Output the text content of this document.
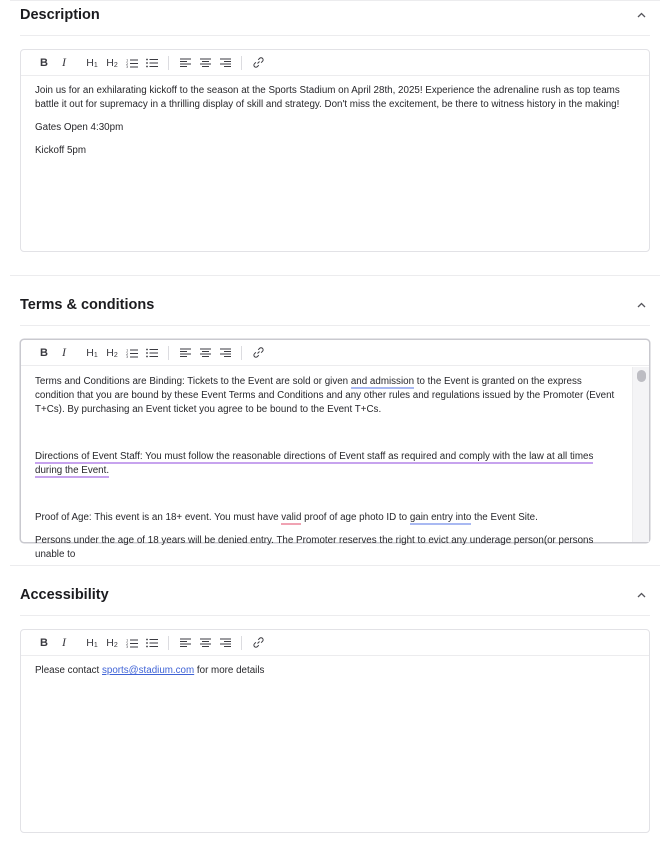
Description
B I $H_1$ $H_2$
1
2
3

Join us for an exhilarating kickoff to the season at the Sports Stadium on April 28th, 2025! Experience the adrenaline rush as top teams battle it out for supremacy in a thrilling display of skill and strategy. Don't miss the excitement, be there to witness history in the making!

Gates Open 4:30pm

Kickoff 5pm

Terms & conditions
B I $H_1$ $H_2$
1
2
3

Terms and Conditions are Binding: Tickets to the Event are sold or given and admission to the Event is granted on the express condition that you are bound by these Event Terms and Conditions and any other rules and regulations issued by the Promoter (Event T+Cs). By purchasing an Event ticket you agree to be bound to the Event T+Cs.

Directions of Event Staff: You must follow the reasonable directions of Event staff as required and comply with the law at all times during the Event.

Proof of Age: This event is an 18+ event. You must have valid proof of age photo ID to gain entry into the Event Site.

Persons under the age of 18 years will be denied entry. The Promoter reserves the right to evict any underage person(or persons unable to

Accessibility
B I $H_1$ $H_2$
1
2
3

Please contact sports@stadium.com for more details
